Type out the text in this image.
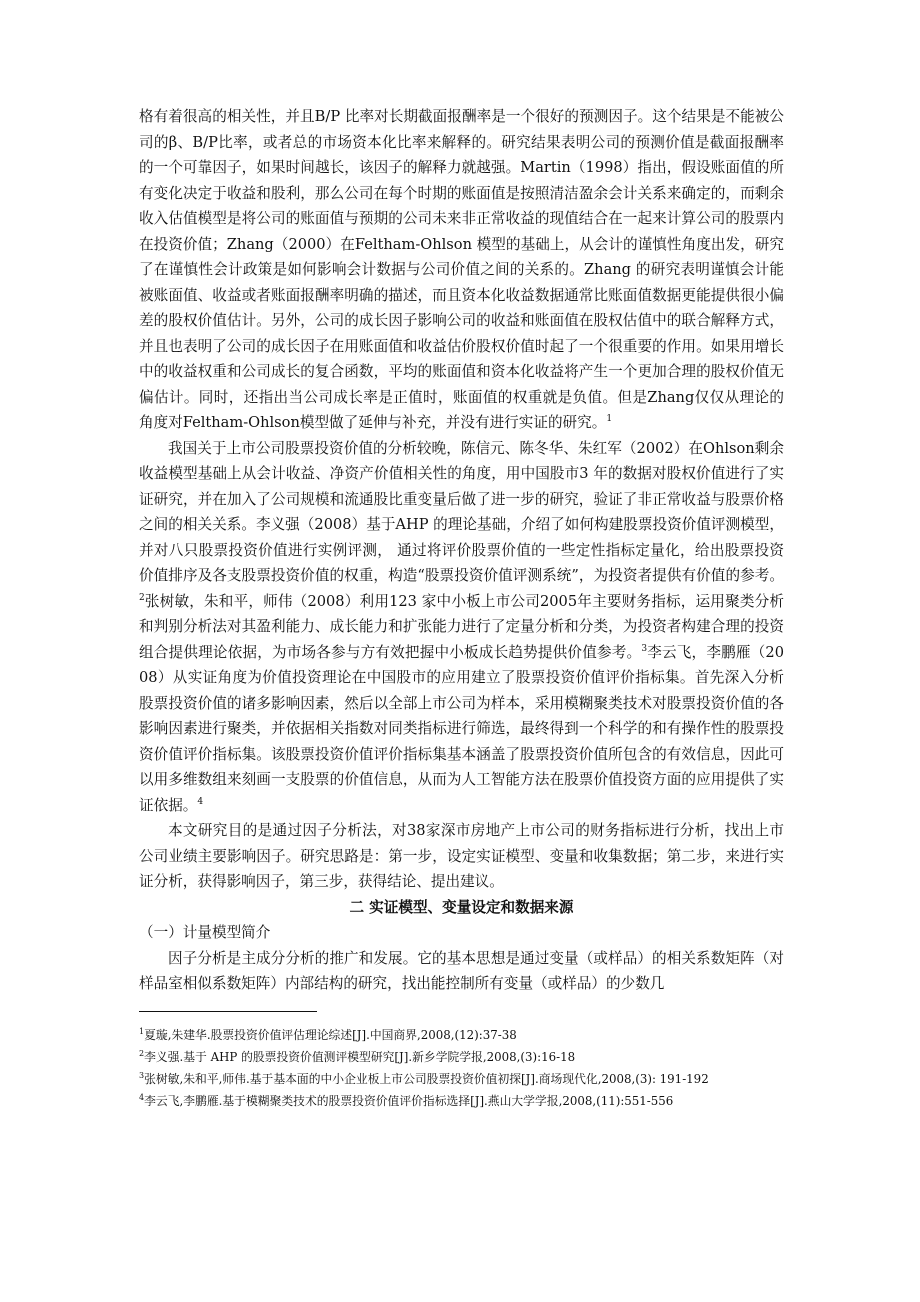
格有着很高的相关性，并且B/P 比率对长期截面报酬率是一个很好的预测因子。这个结果是不能被公司的β、B/P比率，或者总的市场资本化比率来解释的。研究结果表明公司的预测价值是截面报酬率的一个可靠因子，如果时间越长，该因子的解释力就越强。Martin（1998）指出，假设账面值的所有变化决定于收益和股利，那么公司在每个时期的账面值是按照清洁盈余会计关系来确定的，而剩余收入估值模型是将公司的账面值与预期的公司未来非正常收益的现值结合在一起来计算公司的股票内在投资价值；Zhang（2000）在Feltham-Ohlson 模型的基础上，从会计的谨慎性角度出发，研究了在谨慎性会计政策是如何影响会计数据与公司价值之间的关系的。Zhang 的研究表明谨慎会计能被账面值、收益或者账面报酬率明确的描述，而且资本化收益数据通常比账面值数据更能提供很小偏差的股权价值估计。另外，公司的成长因子影响公司的收益和账面值在股权估值中的联合解释方式，并且也表明了公司的成长因子在用账面值和收益估价股权价值时起了一个很重要的作用。如果用增长中的收益权重和公司成长的复合函数，平均的账面值和资本化收益将产生一个更加合理的股权价值无偏估计。同时，还指出当公司成长率是正值时，账面值的权重就是负值。但是Zhang仅仅从理论的角度对Feltham-Ohlson模型做了延伸与补充，并没有进行实证的研究。$^1$

我国关于上市公司股票投资价值的分析较晚，陈信元、陈冬华、朱红军（2002）在Ohlson剩余收益模型基础上从会计收益、净资产价值相关性的角度，用中国股市3 年的数据对股权价值进行了实证研究，并在加入了公司规模和流通股比重变量后做了进一步的研究，验证了非正常收益与股票价格之间的相关关系。李义强（2008）基于AHP 的理论基础，介绍了如何构建股票投资价值评测模型，并对八只股票投资价值进行实例评测， 通过将评价股票价值的一些定性指标定量化，给出股票投资价值排序及各支股票投资价值的权重，构造“股票投资价值评测系统”，为投资者提供有价值的参考。$^2$张树敏，朱和平，师伟（2008）利用123 家中小板上市公司2005年主要财务指标，运用聚类分析和判别分析法对其盈利能力、成长能力和扩张能力进行了定量分析和分类，为投资者构建合理的投资组合提供理论依据，为市场各参与方有效把握中小板成长趋势提供价值参考。$^3$李云飞，李鹏雁（2008）从实证角度为价值投资理论在中国股市的应用建立了股票投资价值评价指标集。首先深入分析股票投资价值的诸多影响因素，然后以全部上市公司为样本，采用模糊聚类技术对股票投资价值的各影响因素进行聚类，并依据相关指数对同类指标进行筛选，最终得到一个科学的和有操作性的股票投资价值评价指标集。该股票投资价值评价指标集基本涵盖了股票投资价值所包含的有效信息，因此可以用多维数组来刻画一支股票的价值信息，从而为人工智能方法在股票价值投资方面的应用提供了实证依据。$^4$

本文研究目的是通过因子分析法，对38家深市房地产上市公司的财务指标进行分析，找出上市公司业绩主要影响因子。研究思路是：第一步，设定实证模型、变量和收集数据；第二步，来进行实证分析，获得影响因子，第三步，获得结论、提出建议。

二 实证模型、变量设定和数据来源

（一）计量模型简介

因子分析是主成分分析的推广和发展。它的基本思想是通过变量（或样品）的相关系数矩阵（对样品室相似系数矩阵）内部结构的研究，找出能控制所有变量（或样品）的少数几

$^1$夏璇,朱建华.股票投资价值评估理论综述[J].中国商界,2008,(12):37-38

$^2$李义强.基于 AHP 的股票投资价值测评模型研究[J].新乡学院学报,2008,(3):16-18

$^3$张树敏,朱和平,师伟.基于基本面的中小企业板上市公司股票投资价值初探[J].商场现代化,2008,(3): 191-192

$^4$李云飞,李鹏雁.基于模糊聚类技术的股票投资价值评价指标选择[J].燕山大学学报,2008,(11):551-556
